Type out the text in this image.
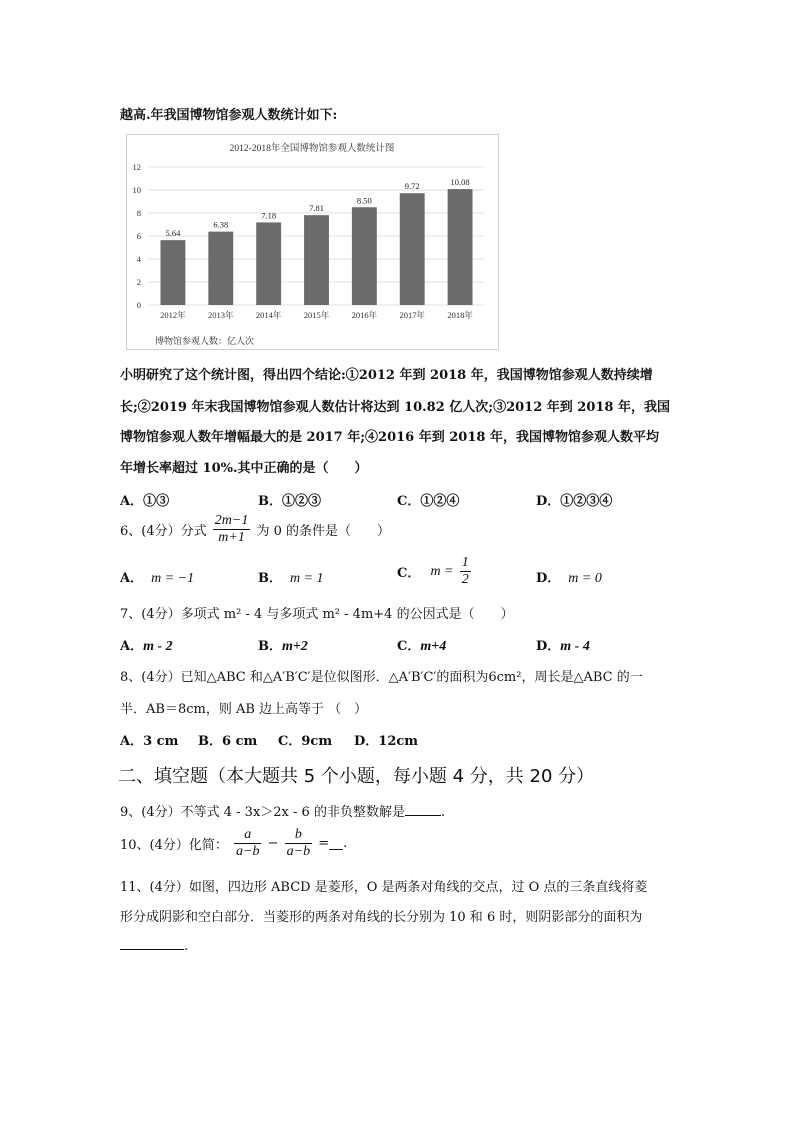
越高.年我国博物馆参观人数统计如下:
2012-2018年全国博物馆参观人数统计图
0
2
4
6
8
10
12
5.64
2012年
6.38
2013年
7.18
2014年
7.81
2015年
8.50
2016年
9.72
2017年
10.08
2018年
博物馆参观人数：亿人次
小明研究了这个统计图，得出四个结论:①2012 年到 2018 年，我国博物馆参观人数持续增
长;②2019 年末我国博物馆参观人数估计将达到 10.82 亿人次;③2012 年到 2018 年，我国
博物馆参观人数年增幅最大的是 2017 年;④2016 年到 2018 年，我国博物馆参观人数平均
年增长率超过 10%.其中正确的是（　　）
A．①③	B．①②③	C．①②④	D．①②③④
6、(4分）分式 $\frac{2m-1}{m+1}$ 为 0 的条件是（　　）
A． m = −1	B． m = 1	C． $m = \frac{1}{2}$	D． m = 0
7、(4分）多项式 m² - 4 与多项式 m² - 4m+4 的公因式是（　　）
A．m - 2	B．m+2	C．m+4	D．m - 4
8、(4分）已知△ABC 和△A′B′C′是位似图形．△A′B′C′的面积为6cm²，周长是△ABC 的一
半．AB＝8cm，则 AB 边上高等于 （　）
A．3 cm B．6 cm C．9cm D．12cm
二、填空题（本大题共 5 个小题，每小题 4 分，共 20 分）
9、(4分）不等式 4 - 3x＞2x - 6 的非负整数解是	.
10、(4分）化简： $\frac{a}{a-b} - \frac{b}{a-b}$ = .
11、(4分）如图，四边形 ABCD 是菱形，O 是两条对角线的交点，过 O 点的三条直线将菱
形分成阴影和空白部分．当菱形的两条对角线的长分别为 10 和 6 时，则阴影部分的面积为
.
